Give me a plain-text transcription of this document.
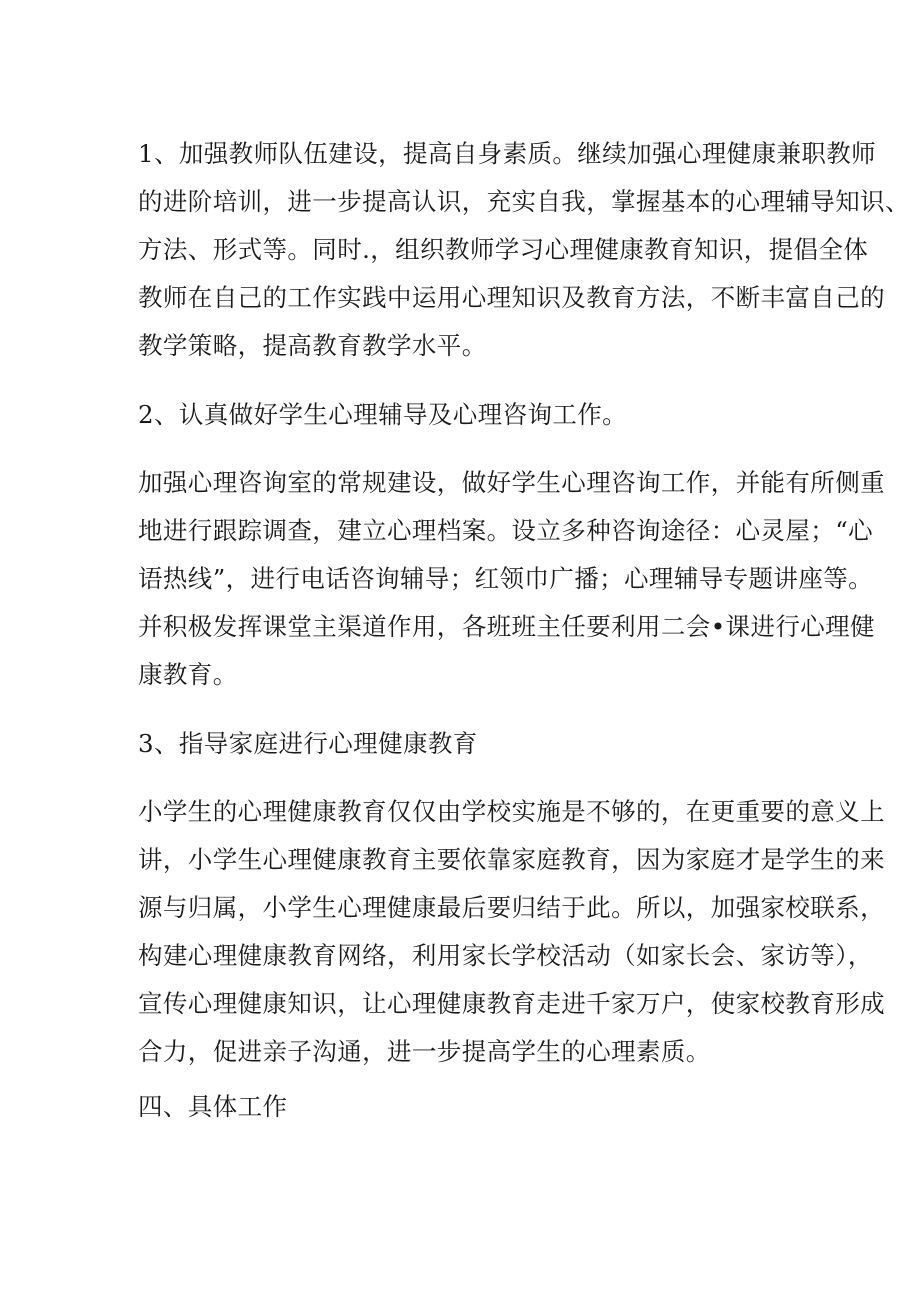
1、加强教师队伍建设，提高自身素质。继续加强心理健康兼职教师
的进阶培训，进一步提高认识，充实自我，掌握基本的心理辅导知识、
方法、形式等。同时.，组织教师学习心理健康教育知识，提倡全体
教师在自己的工作实践中运用心理知识及教育方法，不断丰富自己的
教学策略，提高教育教学水平。
2、认真做好学生心理辅导及心理咨询工作。
加强心理咨询室的常规建设，做好学生心理咨询工作，并能有所侧重
地进行跟踪调查，建立心理档案。设立多种咨询途径：心灵屋；“心
语热线”，进行电话咨询辅导；红领巾广播；心理辅导专题讲座等。
并积极发挥课堂主渠道作用，各班班主任要利用二会•课进行心理健
康教育。
3、指导家庭进行心理健康教育
小学生的心理健康教育仅仅由学校实施是不够的，在更重要的意义上
讲，小学生心理健康教育主要依靠家庭教育，因为家庭才是学生的来
源与归属，小学生心理健康最后要归结于此。所以，加强家校联系，
构建心理健康教育网络，利用家长学校活动（如家长会、家访等），
宣传心理健康知识，让心理健康教育走进千家万户，使家校教育形成
合力，促进亲子沟通，进一步提高学生的心理素质。
四、具体工作
